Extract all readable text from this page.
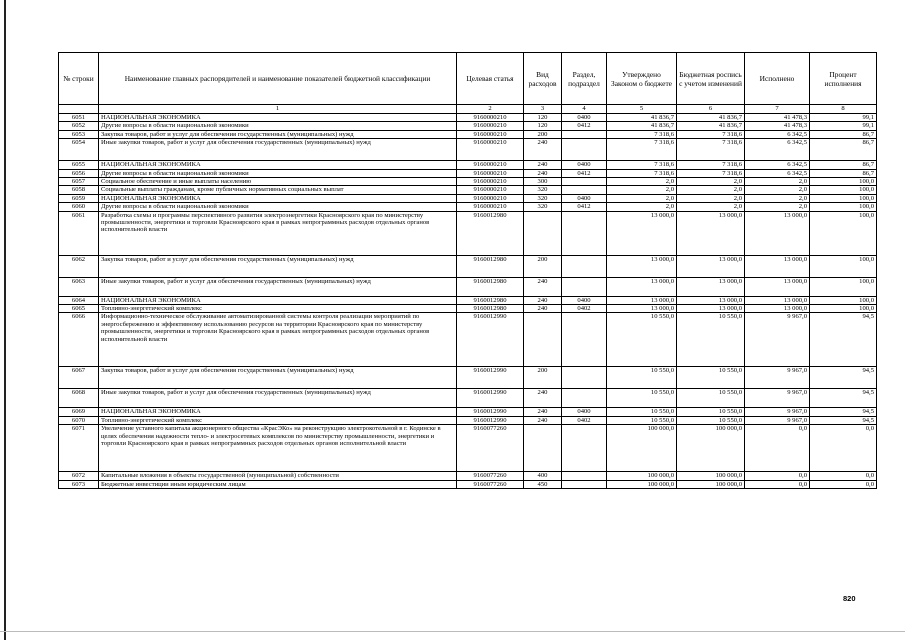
№ строки	Наименование главных распорядителей и наименование показателей бюджетной классификации	Целевая статья	Вид расходов	Раздел, подраздел	Утверждено Законом о бюджете	Бюджетная роспись с учетом изменений	Исполнено	Процент исполнения
	1	2	3	4	5	6	7	8
6051	НАЦИОНАЛЬНАЯ ЭКОНОМИКА	9160000210	120	0400	41 836,7	41 836,7	41 478,3	99,1
6052	Другие вопросы в области национальной экономики	9160000210	120	0412	41 836,7	41 836,7	41 478,3	99,1
6053	Закупка товаров, работ и услуг для обеспечения государственных (муниципальных) нужд	9160000210	200		7 318,6	7 318,6	6 342,5	86,7
6054	Иные закупки товаров, работ и услуг для обеспечения государственных (муниципальных) нужд	9160000210	240		7 318,6	7 318,6	6 342,5	86,7
6055	НАЦИОНАЛЬНАЯ ЭКОНОМИКА	9160000210	240	0400	7 318,6	7 318,6	6 342,5	86,7
6056	Другие вопросы в области национальной экономики	9160000210	240	0412	7 318,6	7 318,6	6 342,5	86,7
6057	Социальное обеспечение и иные выплаты населению	9160000210	300		2,0	2,0	2,0	100,0
6058	Социальные выплаты гражданам, кроме публичных нормативных социальных выплат	9160000210	320		2,0	2,0	2,0	100,0
6059	НАЦИОНАЛЬНАЯ ЭКОНОМИКА	9160000210	320	0400	2,0	2,0	2,0	100,0
6060	Другие вопросы в области национальной экономики	9160000210	320	0412	2,0	2,0	2,0	100,0
6061	Разработка схемы и программы перспективного развития электроэнергетики Красноярского края по министерству промышленности, энергетики и торговли Красноярского края в рамках непрограммных расходов отдельных органов исполнительной власти	9160012980			13 000,0	13 000,0	13 000,0	100,0
6062	Закупка товаров, работ и услуг для обеспечения государственных (муниципальных) нужд	9160012980	200		13 000,0	13 000,0	13 000,0	100,0
6063	Иные закупки товаров, работ и услуг для обеспечения государственных (муниципальных) нужд	9160012980	240		13 000,0	13 000,0	13 000,0	100,0
6064	НАЦИОНАЛЬНАЯ ЭКОНОМИКА	9160012980	240	0400	13 000,0	13 000,0	13 000,0	100,0
6065	Топливно-энергетический комплекс	9160012980	240	0402	13 000,0	13 000,0	13 000,0	100,0
6066	Информационно-техническое обслуживание автоматизированной системы контроля реализации мероприятий по энергосбережению и эффективному использованию ресурсов на территории Красноярского края по министерству промышленности, энергетики и торговли Красноярского края в рамках непрограммных расходов отдельных органов исполнительной власти	9160012990			10 550,0	10 550,0	9 967,0	94,5
6067	Закупка товаров, работ и услуг для обеспечения государственных (муниципальных) нужд	9160012990	200		10 550,0	10 550,0	9 967,0	94,5
6068	Иные закупки товаров, работ и услуг для обеспечения государственных (муниципальных) нужд	9160012990	240		10 550,0	10 550,0	9 967,0	94,5
6069	НАЦИОНАЛЬНАЯ ЭКОНОМИКА	9160012990	240	0400	10 550,0	10 550,0	9 967,0	94,5
6070	Топливно-энергетический комплекс	9160012990	240	0402	10 550,0	10 550,0	9 967,0	94,5
6071	Увеличение уставного капитала акционерного общества «КрасЭКо» на реконструкцию электрокотельной в г. Кодинске в целях обеспечения надежности тепло- и электросетевых комплексов по министерству промышленности, энергетики и торговли Красноярского края в рамках непрограммных расходов отдельных органов исполнительной власти	9160077260			100 000,0	100 000,0	0,0	0,0
6072	Капитальные вложения в объекты государственной (муниципальной) собственности	9160077260	400		100 000,0	100 000,0	0,0	0,0
6073	Бюджетные инвестиции иным юридическим лицам	9160077260	450		100 000,0	100 000,0	0,0	0,0
820
